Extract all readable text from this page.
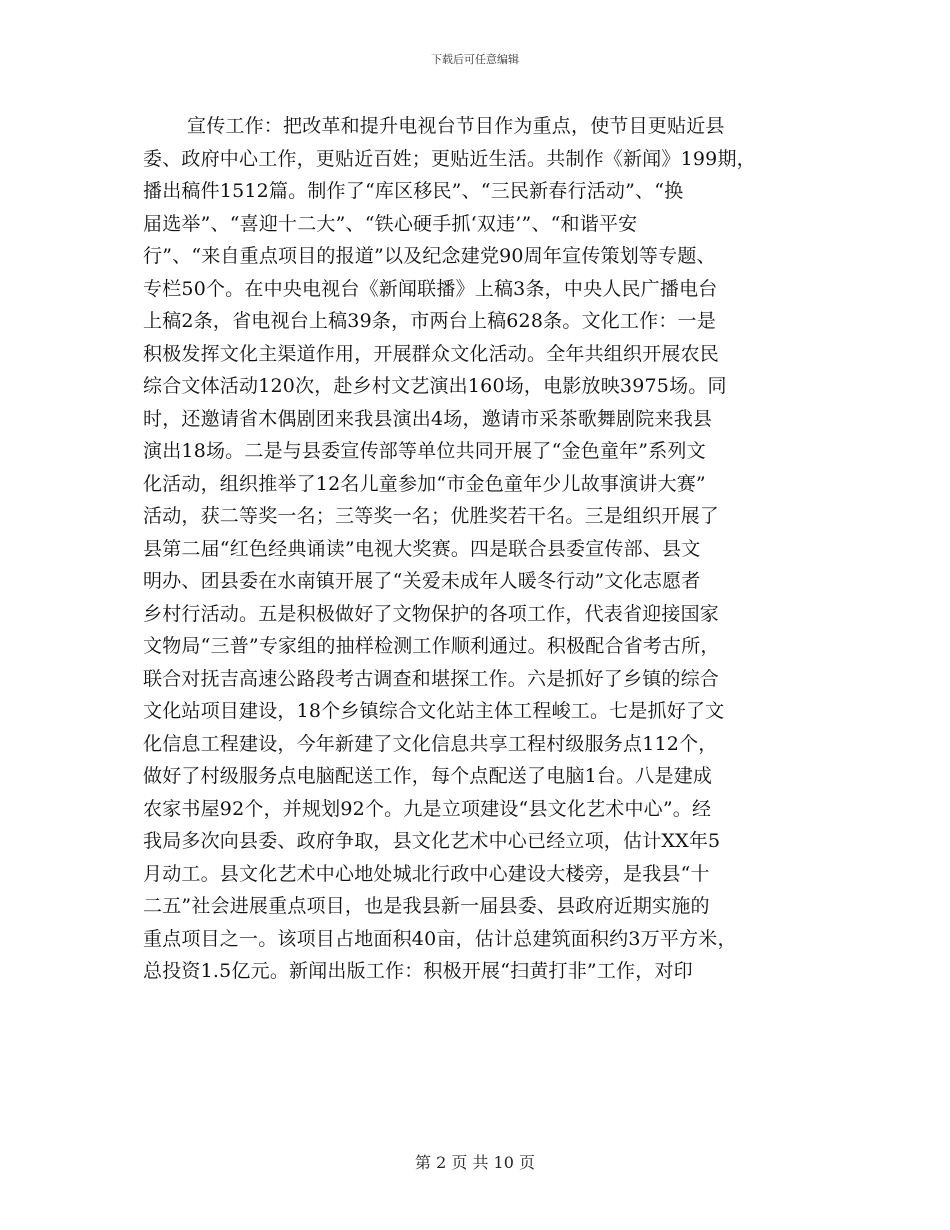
下载后可任意编辑
宣传工作：把改革和提升电视台节目作为重点，使节目更贴近县
委、政府中心工作，更贴近百姓；更贴近生活。共制作《新闻》199期，
播出稿件1512篇。制作了“库区移民”、“三民新春行活动”、“换
届选举”、“喜迎十二大”、“铁心硬手抓‘双违’”、“和谐平安
行”、“来自重点项目的报道”以及纪念建党90周年宣传策划等专题、
专栏50个。在中央电视台《新闻联播》上稿3条，中央人民广播电台
上稿2条，省电视台上稿39条，市两台上稿628条。文化工作：一是
积极发挥文化主渠道作用，开展群众文化活动。全年共组织开展农民
综合文体活动120次，赴乡村文艺演出160场，电影放映3975场。同
时，还邀请省木偶剧团来我县演出4场，邀请市采茶歌舞剧院来我县
演出18场。二是与县委宣传部等单位共同开展了“金色童年”系列文
化活动，组织推举了12名儿童参加“市金色童年少儿故事演讲大赛”
活动，获二等奖一名；三等奖一名；优胜奖若干名。三是组织开展了
县第二届“红色经典诵读”电视大奖赛。四是联合县委宣传部、县文
明办、团县委在水南镇开展了“关爱未成年人暖冬行动”文化志愿者
乡村行活动。五是积极做好了文物保护的各项工作，代表省迎接国家
文物局“三普”专家组的抽样检测工作顺利通过。积极配合省考古所，
联合对抚吉高速公路段考古调查和堪探工作。六是抓好了乡镇的综合
文化站项目建设，18个乡镇综合文化站主体工程峻工。七是抓好了文
化信息工程建设，今年新建了文化信息共享工程村级服务点112个，
做好了村级服务点电脑配送工作，每个点配送了电脑1台。八是建成
农家书屋92个，并规划92个。九是立项建设“县文化艺术中心”。经
我局多次向县委、政府争取，县文化艺术中心已经立项，估计XX年5
月动工。县文化艺术中心地处城北行政中心建设大楼旁，是我县“十
二五”社会进展重点项目，也是我县新一届县委、县政府近期实施的
重点项目之一。该项目占地面积40亩，估计总建筑面积约3万平方米，
总投资1.5亿元。新闻出版工作：积极开展“扫黄打非”工作，对印
第 2 页 共 10 页
